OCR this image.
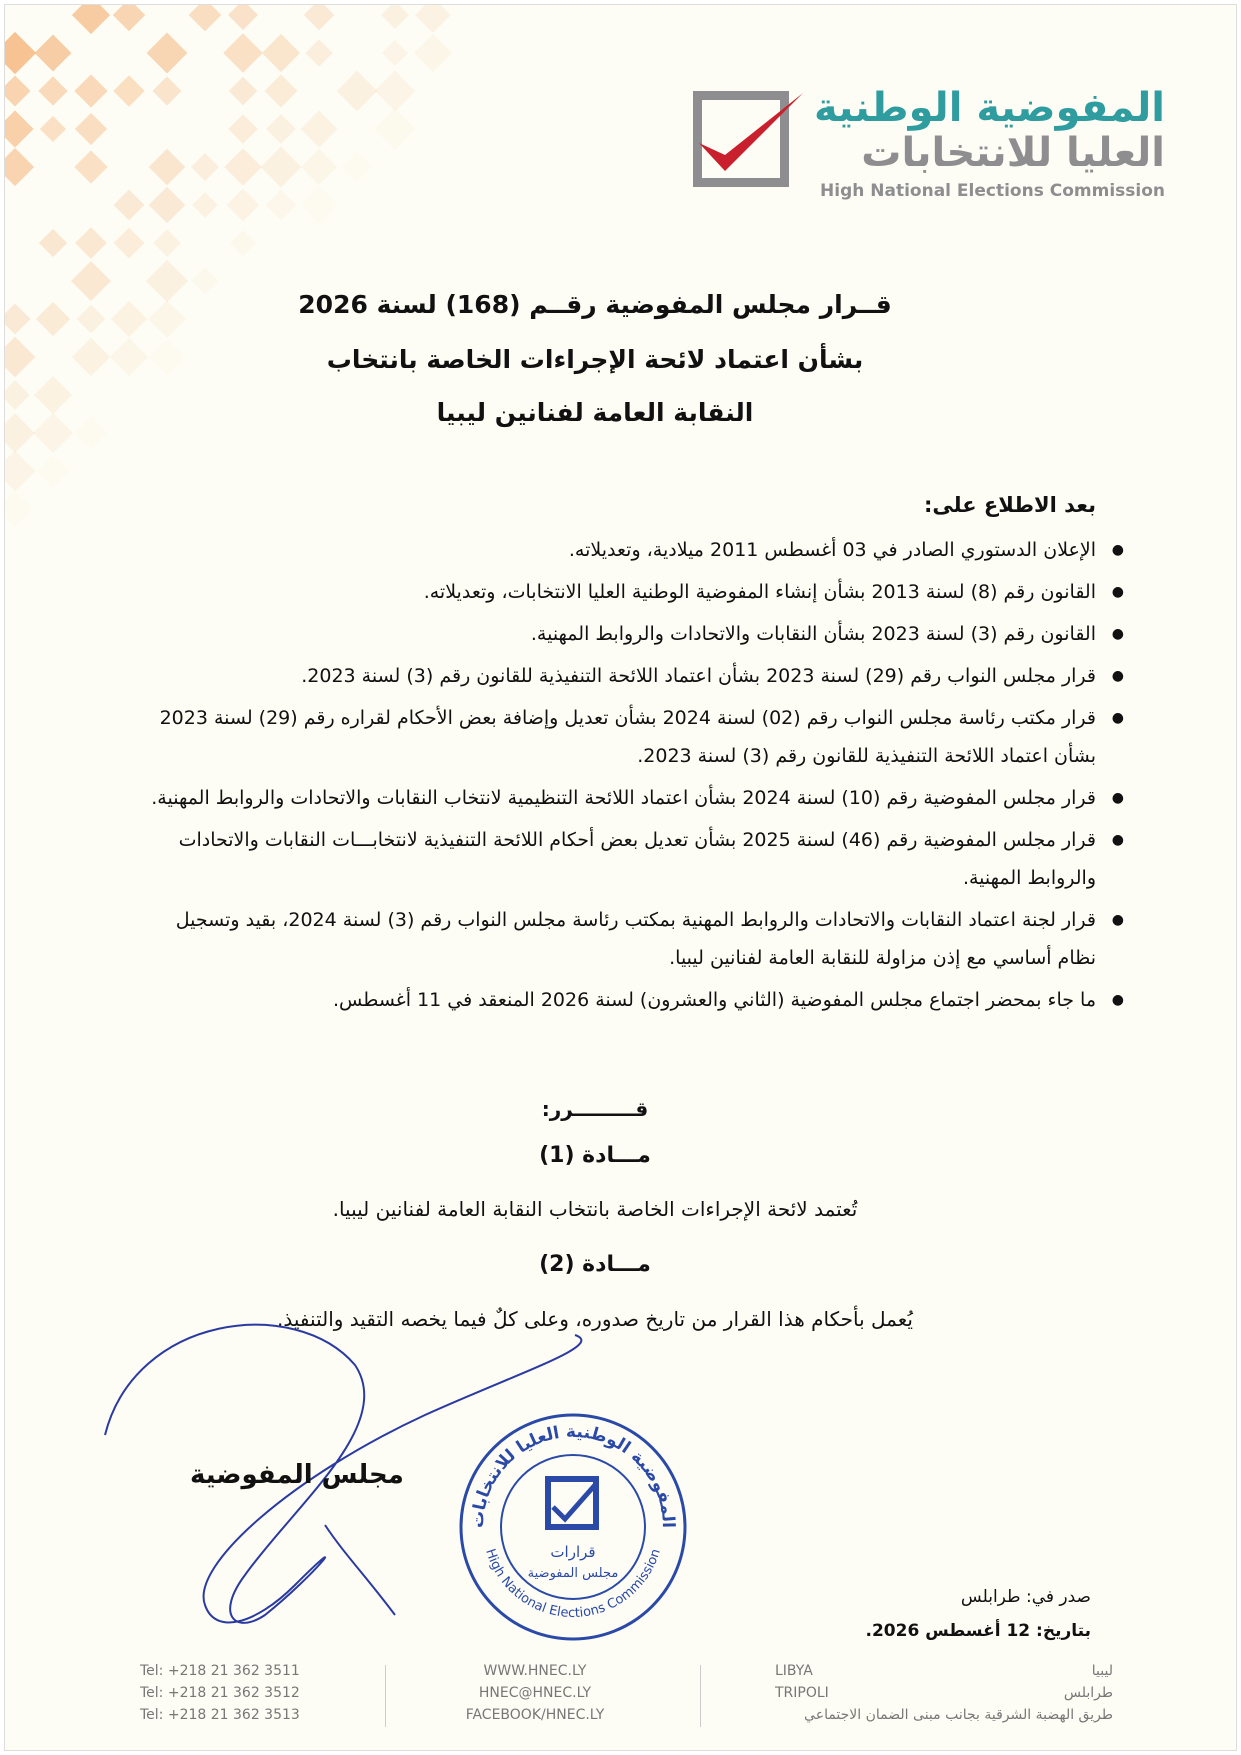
المفوضية الوطنية
العليا للانتخابات
High National Elections Commission
قــرار مجلس المفوضية رقــم (168) لسنة 2026
بشأن اعتماد لائحة الإجراءات الخاصة بانتخاب
النقابة العامة لفنانين ليبيا
بعد الاطلاع على:
●
الإعلان الدستوري الصادر في 03 أغسطس 2011 ميلادية، وتعديلاته.
●
القانون رقم (8) لسنة 2013 بشأن إنشاء المفوضية الوطنية العليا الانتخابات، وتعديلاته.
●
القانون رقم (3) لسنة 2023 بشأن النقابات والاتحادات والروابط المهنية.
●
قرار مجلس النواب رقم (29) لسنة 2023 بشأن اعتماد اللائحة التنفيذية للقانون رقم (3) لسنة 2023.
●
قرار مكتب رئاسة مجلس النواب رقم (02) لسنة 2024 بشأن تعديل وإضافة بعض الأحكام لقراره رقم (29) لسنة 2023 بشأن اعتماد اللائحة التنفيذية للقانون رقم (3) لسنة 2023.
●
قرار مجلس المفوضية رقم (10) لسنة 2024 بشأن اعتماد اللائحة التنظيمية لانتخاب النقابات والاتحادات والروابط المهنية.
●
قرار مجلس المفوضية رقم (46) لسنة 2025 بشأن تعديل بعض أحكام اللائحة التنفيذية لانتخابـــات النقابات والاتحادات والروابط المهنية.
●
قرار لجنة اعتماد النقابات والاتحادات والروابط المهنية بمكتب رئاسة مجلس النواب رقم (3) لسنة 2024، بقيد وتسجيل نظام أساسي مع إذن مزاولة للنقابة العامة لفنانين ليبيا.
●
ما جاء بمحضر اجتماع مجلس المفوضية (الثاني والعشرون) لسنة 2026 المنعقد في 11 أغسطس.
قـــــــــرر:
مـــادة (1)
تُعتمد لائحة الإجراءات الخاصة بانتخاب النقابة العامة لفنانين ليبيا.
مـــادة (2)
يُعمل بأحكام هذا القرار من تاريخ صدوره، وعلى كلٌ فيما يخصه التقيد والتنفيذ.
مجلس المفوضية
المفوضية الوطنية العليا للانتخابات
High National Elections Commission
قرارات
مجلس المفوضية
صدر في: طرابلس
بتاريخ: 12 أغسطس 2026.
Tel: +218 21 362 3511
Tel: +218 21 362 3512
Tel: +218 21 362 3513
WWW.HNEC.LY
HNEC@HNEC.LY
FACEBOOK/HNEC.LY
LIBYA
TRIPOLI
ليبيا
طرابلس
طريق الهضبة الشرقية بجانب مبنى الضمان الاجتماعي
